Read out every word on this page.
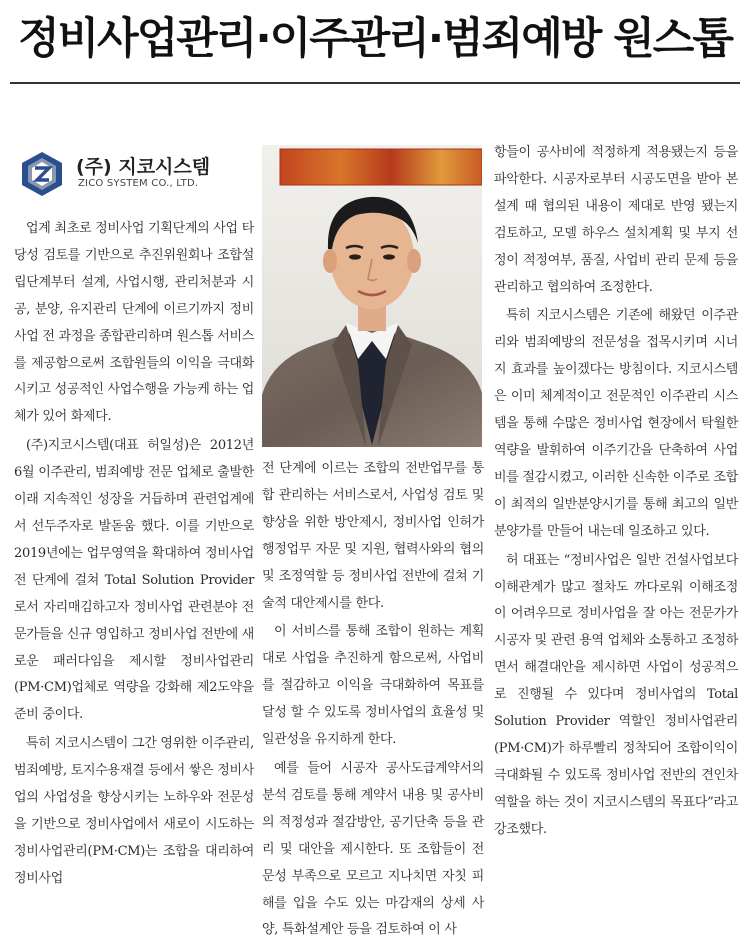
정비사업관리·이주관리·범죄예방 원스톱
(주) 지코시스템
ZICO SYSTEM CO., LTD.

업계 최초로 정비사업 기획단계의 사업 타당성 검토를 기반으로 추진위원회나 조합설립단계부터 설계, 사업시행, 관리처분과 시공, 분양, 유지관리 단계에 이르기까지 정비사업 전 과정을 종합관리하며 원스톱 서비스를 제공함으로써 조합원들의 이익을 극대화 시키고 성공적인 사업수행을 가능케 하는 업체가 있어 화제다.

(주)지코시스템(대표 허일성)은 2012년 6월 이주관리, 범죄예방 전문 업체로 출발한 이래 지속적인 성장을 거듭하며 관련업계에서 선두주자로 발돋움 했다. 이를 기반으로 2019년에는 업무영역을 확대하여 정비사업 전 단계에 걸쳐 Total Solution Provider로서 자리매김하고자 정비사업 관련분야 전문가들을 신규 영입하고 정비사업 전반에 새로운 패러다임을 제시할 정비사업관리(PM·CM)업체로 역량을 강화해 제2도약을 준비 중이다.

특히 지코시스템이 그간 영위한 이주관리, 범죄예방, 토지수용재결 등에서 쌓은 정비사업의 사업성을 향상시키는 노하우와 전문성을 기반으로 정비사업에서 새로이 시도하는 정비사업관리(PM·CM)는 조합을 대리하여 정비사업

전 단계에 이르는 조합의 전반업무를 통합 관리하는 서비스로서, 사업성 검토 및 향상을 위한 방안제시, 정비사업 인허가 행정업무 자문 및 지원, 협력사와의 협의 및 조정역할 등 정비사업 전반에 걸쳐 기술적 대안제시를 한다.

이 서비스를 통해 조합이 원하는 계획대로 사업을 추진하게 함으로써, 사업비를 절감하고 이익을 극대화하여 목표를 달성 할 수 있도록 정비사업의 효율성 및 일관성을 유지하게 한다.

예를 들어 시공자 공사도급계약서의 분석 검토를 통해 계약서 내용 및 공사비의 적정성과 절감방안, 공기단축 등을 관리 및 대안을 제시한다. 또 조합들이 전문성 부족으로 모르고 지나치면 자칫 피해를 입을 수도 있는 마감재의 상세 사양, 특화설계안 등을 검토하여 이 사

항들이 공사비에 적정하게 적용됐는지 등을 파악한다. 시공자로부터 시공도면을 받아 본 설계 때 협의된 내용이 제대로 반영 됐는지 검토하고, 모델 하우스 설치계획 및 부지 선정이 적정여부, 품질, 사업비 관리 문제 등을 관리하고 협의하여 조정한다.

특히 지코시스템은 기존에 해왔던 이주관리와 범죄예방의 전문성을 접목시키며 시너지 효과를 높이겠다는 방침이다. 지코시스템은 이미 체계적이고 전문적인 이주관리 시스템을 통해 수많은 정비사업 현장에서 탁월한 역량을 발휘하여 이주기간을 단축하여 사업비를 절감시켰고, 이러한 신속한 이주로 조합이 최적의 일반분양시기를 통해 최고의 일반분양가를 만들어 내는데 일조하고 있다.

허 대표는 “정비사업은 일반 건설사업보다 이해관계가 많고 절차도 까다로워 이해조정이 어려우므로 정비사업을 잘 아는 전문가가 시공자 및 관련 용역 업체와 소통하고 조정하면서 해결대안을 제시하면 사업이 성공적으로 진행될 수 있다며 정비사업의 Total Solution Provider 역할인 정비사업관리(PM·CM)가 하루빨리 정착되어 조합이익이 극대화될 수 있도록 정비사업 전반의 견인차 역할을 하는 것이 지코시스템의 목표다”라고 강조했다.
